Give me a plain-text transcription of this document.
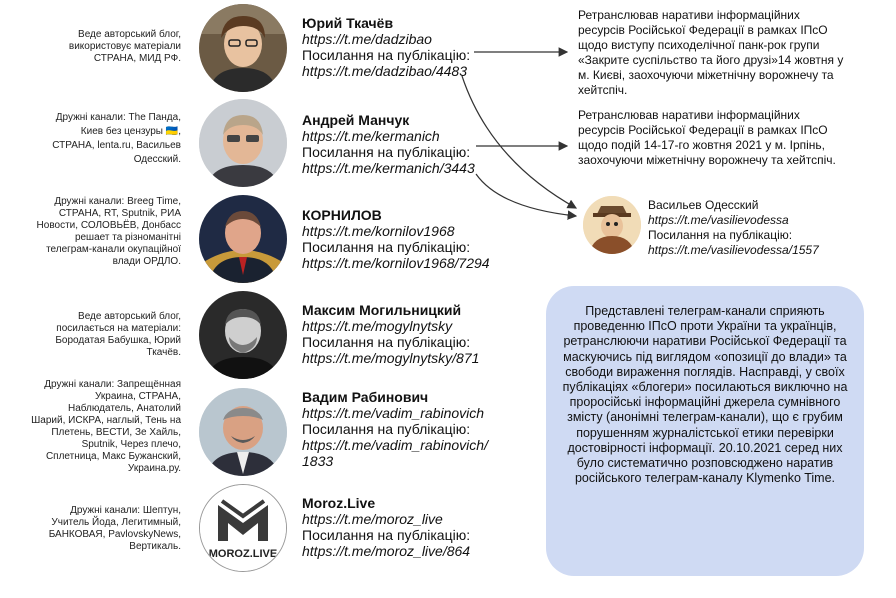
Веде авторський блог, використовує матеріали СТРАНА, МИД РФ.
Дружні канали: The Панда,
Киев без цензуры 🇺🇦,
СТРАНА, lenta.ru, Васильев Одесский.
Дружні канали: Breeg Time, СТРАНА, RT, Sputnik, РИА Новости, СОЛОВЬЁВ, Донбасс решает та різноманітні телеграм-канали окупаційної влади ОРДЛО.
Веде авторський блог, посилається на матеріали: Бородатая Бабушка, Юрий Ткачёв.
Дружні канали: Запрещённая Украина, СТРАНА, Наблюдатель, Анатолий Шарий, ИСКРА, наглый, Тень на Плетень, ВЕСТИ, Зе Хайль, Sputnik, Через плечо, Сплетница, Макс Бужанский, Украина.ру.
Дружні канали: Шептун, Учитель Йода, Легитимный, БАНКОВАЯ, PavlovskyNews, Вертикаль.
MOROZ.LIVE
Юрий Ткачёв
https://t.me/dadzibao
Посилання на публікацію:
https://t.me/dadzibao/4483
Андрей Манчук
https://t.me/kermanich
Посилання на публікацію:
https://t.me/kermanich/3443
КОРНИЛОВ
https://t.me/kornilov1968
Посилання на публікацію:
https://t.me/kornilov1968/7294
Максим Могильницкий
https://t.me/mogylnytsky
Посилання на публікацію:
https://t.me/mogylnytsky/871
Вадим Рабинович
https://t.me/vadim_rabinovich
Посилання на публікацію:
https://t.me/vadim_rabinovich/
1833
Moroz.Live
https://t.me/moroz_live
Посилання на публікацію:
https://t.me/moroz_live/864
Ретранслював наративи інформаційних ресурсів Російської Федерації в рамках ІПсО щодо виступу психоделічної панк-рок групи «Закрите суспільство та його друзі»14 жовтня у м. Києві, заохочуючи міжетнічну ворожнечу та хейтспіч.
Ретранслював наративи інформаційних ресурсів Російської Федерації в рамках ІПсО щодо подій 14-17-го жовтня 2021 у м. Ірпінь, заохочуючи міжетнічну ворожнечу та хейтспіч.
Васильев Одесский
https://t.me/vasilievodessa
Посилання на публікацію:
https://t.me/vasilievodessa/1557
Представлені телеграм-канали сприяють проведенню ІПсО проти України та українців, ретранслюючи наративи Російської Федерації та маскуючись під виглядом «опозиції до влади» та свободи вираження поглядів. Насправді, у своїх публікаціях «блогери» посилаються виключно на проросійські інформаційні джерела сумнівного змісту (анонімні телеграм-канали), що є грубим порушенням журналістської етики перевірки достовірності інформації. 20.10.2021 серед них було систематично розповсюджено наратив російського телеграм-каналу Klymenko Time.
